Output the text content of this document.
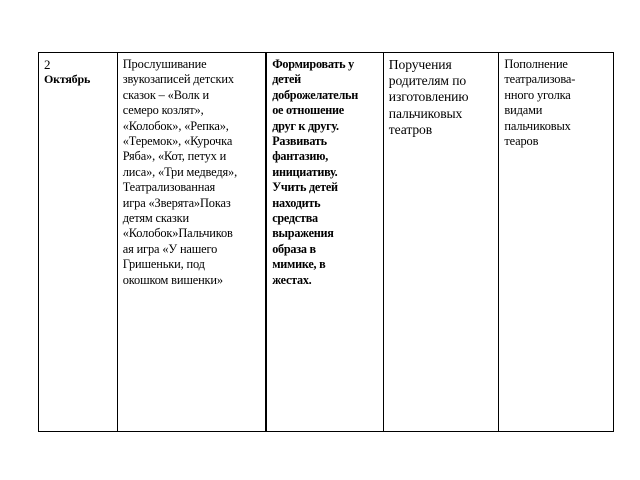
2
Октябрь
Прослушивание
звукозаписей детских
сказок – «Волк и
семеро козлят»,
«Колобок», «Репка»,
«Теремок», «Курочка
Ряба», «Кот, петух и
лиса», «Три медведя»,
Театрализованная
игра «Зверята»Показ
детям сказки
«Колобок»Пальчиков
ая игра «У нашего
Гришеньки, под
окошком вишенки»
Формировать у
детей
доброжелательн
ое отношение
друг к другу.
Развивать
фантазию,
инициативу.
Учить детей
находить
средства
выражения
образа в
мимике, в
жестах.
Поручения
родителям по
изготовлению
пальчиковых
театров
Пополнение
театрализова-
нного уголка
видами
пальчиковых
теаров
